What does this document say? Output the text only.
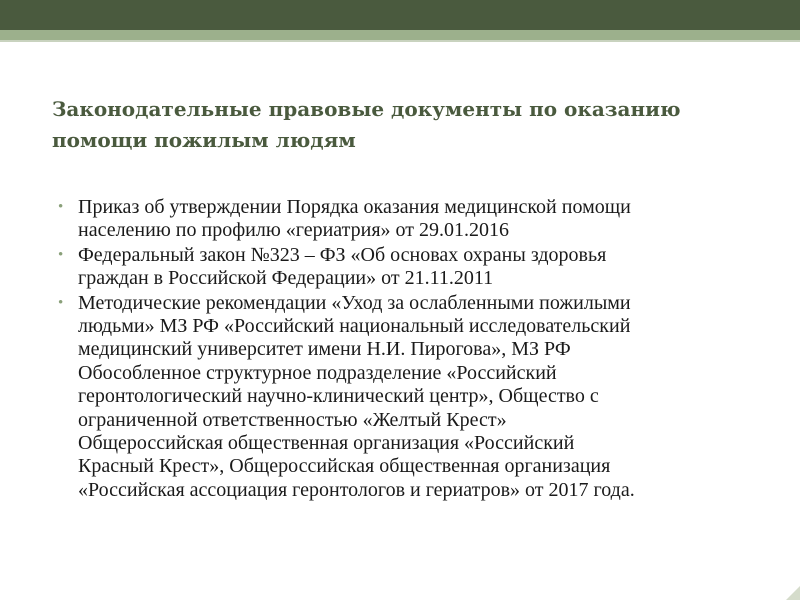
Законодательные правовые документы по оказанию
помощи пожилым людям
• Приказ об утверждении Порядка оказания медицинской помощи
населению по профилю «гериатрия» от 29.01.2016
• Федеральный закон №323 – ФЗ «Об основах охраны здоровья
граждан в Российской Федерации» от 21.11.2011
• Методические рекомендации «Уход за ослабленными пожилыми
людьми» МЗ РФ «Российский национальный исследовательский
медицинский университет имени Н.И. Пирогова», МЗ РФ
Обособленное структурное подразделение «Российский
геронтологический научно-клинический центр», Общество с
ограниченной ответственностью «Желтый Крест»
Общероссийская общественная организация «Российский
Красный Крест», Общероссийская общественная организация
«Российская ассоциация геронтологов и гериатров» от 2017 года.
